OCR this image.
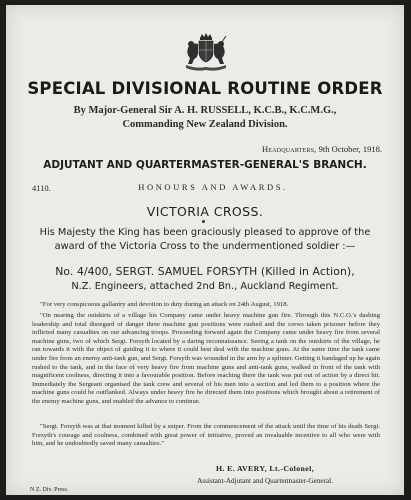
SPECIAL DIVISIONAL ROUTINE ORDER
By Major-General Sir A. H. RUSSELL, K.C.B., K.C.M.G.,
Commanding New Zealand Division.
Headquarters, 9th October, 1918.
ADJUTANT AND QUARTERMASTER-GENERAL'S BRANCH.
4110.	HONOURS AND AWARDS.
VICTORIA CROSS.
His Majesty the King has been graciously pleased to approve of the award of the Victoria Cross to the undermentioned soldier :—
No. 4/400, SERGT. SAMUEL FORSYTH (Killed in Action),
N.Z. Engineers, attached 2nd Bn., Auckland Regiment.

"For very conspicuous gallantry and devotion to duty during an attack on 24th August, 1918.

"On nearing the outskirts of a village his Company came under heavy machine gun fire. Through this N.C.O.'s dashing leadership and total disregard of danger three machine gun positions were rushed and the crews taken prisoner before they inflicted many casualties on our advancing troops. Proceeding forward again the Company came under heavy fire from several machine guns, two of which Sergt. Forsyth located by a daring reconnaissance. Seeing a tank on the outskirts of the village, he ran towards it with the object of guiding it to where it could best deal with the machine guns. At the same time the tank came under fire from an enemy anti-tank gun, and Sergt. Forsyth was wounded in the arm by a splinter. Getting it bandaged up he again rushed to the tank, and in the face of very heavy fire from machine guns and anti-tank guns, walked in front of the tank with magnificent coolness, directing it into a favourable position. Before reaching there the tank was put out of action by a direct hit. Immediately the Sergeant organised the tank crew and several of his men into a section and led them to a position where the machine guns could be outflanked. Always under heavy fire he directed them into positions which brought about a retirement of the enemy machine guns, and enabled the advance to continue.

"Sergt. Forsyth was at that moment killed by a sniper. From the commencement of the attack until the time of his death Sergt. Forsyth's courage and coolness, combined with great power of initiative, proved an invaluable incentive to all who were with him, and he undoubtedly saved many casualties."

H. E. AVERY, Lt.-Colonel,
Assistant-Adjutant and Quartermaster-General.
N Z. Div. Press.
